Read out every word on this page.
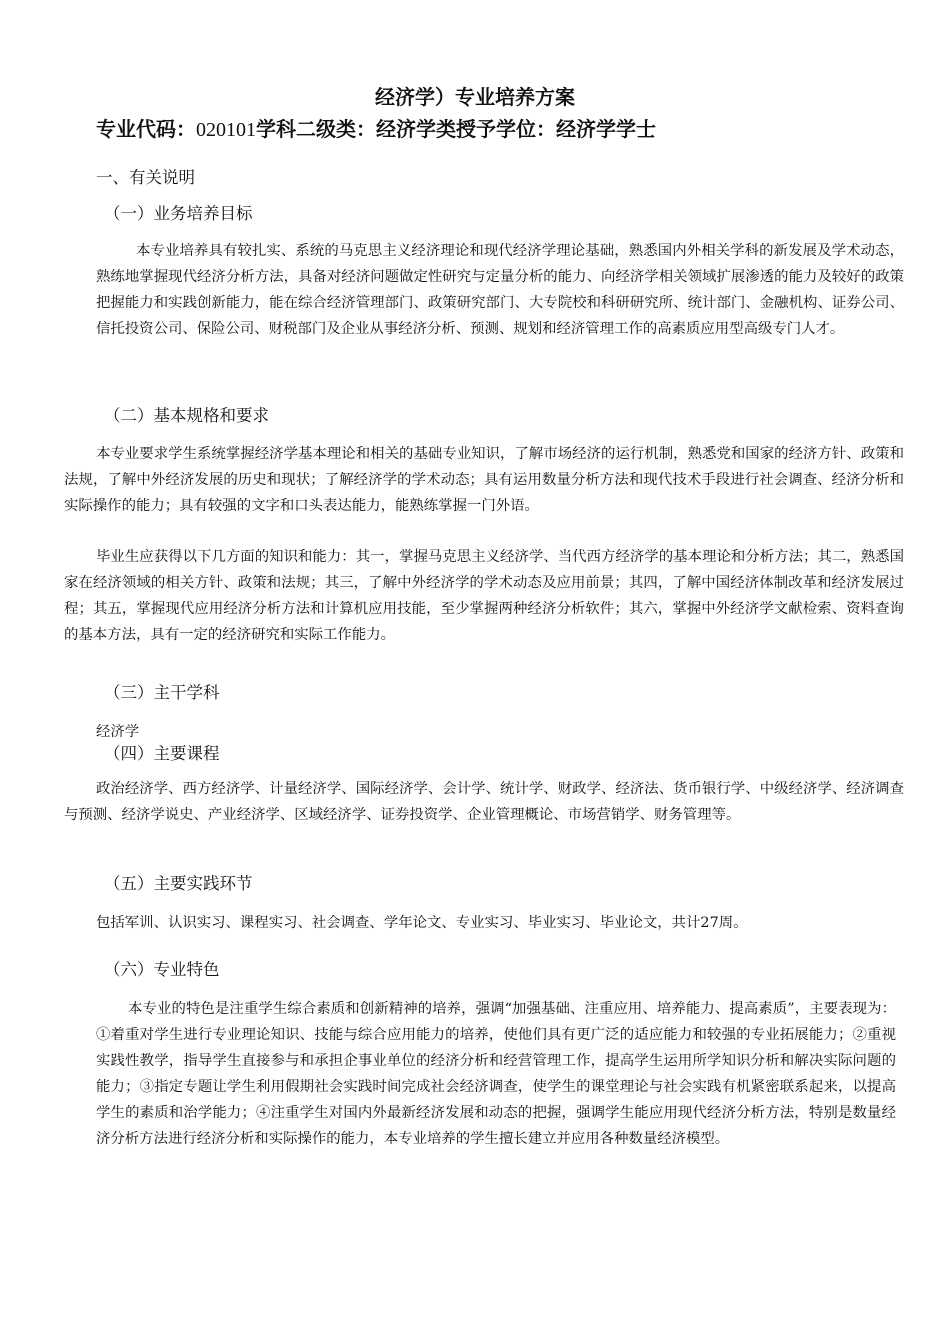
经济学）专业培养方案
专业代码：020101学科二级类：经济学类授予学位：经济学学士
一、有关说明
（一）业务培养目标

本专业培养具有较扎实、系统的马克思主义经济理论和现代经济学理论基础，熟悉国内外相关学科的新发展及学术动态，熟练地掌握现代经济分析方法，具备对经济问题做定性研究与定量分析的能力、向经济学相关领域扩展渗透的能力及较好的政策把握能力和实践创新能力，能在综合经济管理部门、政策研究部门、大专院校和科研研究所、统计部门、金融机构、证券公司、信托投资公司、保险公司、财税部门及企业从事经济分析、预测、规划和经济管理工作的高素质应用型高级专门人才。

（二）基本规格和要求

本专业要求学生系统掌握经济学基本理论和相关的基础专业知识，了解市场经济的运行机制，熟悉党和国家的经济方针、政策和法规，了解中外经济发展的历史和现状；了解经济学的学术动态；具有运用数量分析方法和现代技术手段进行社会调查、经济分析和实际操作的能力；具有较强的文字和口头表达能力，能熟练掌握一门外语。

毕业生应获得以下几方面的知识和能力：其一，掌握马克思主义经济学、当代西方经济学的基本理论和分析方法；其二，熟悉国家在经济领域的相关方针、政策和法规；其三，了解中外经济学的学术动态及应用前景；其四，了解中国经济体制改革和经济发展过程；其五，掌握现代应用经济分析方法和计算机应用技能，至少掌握两种经济分析软件；其六，掌握中外经济学文献检索、资料查询的基本方法，具有一定的经济研究和实际工作能力。

（三）主干学科

经济学

（四）主要课程

政治经济学、西方经济学、计量经济学、国际经济学、会计学、统计学、财政学、经济法、货币银行学、中级经济学、经济调查与预测、经济学说史、产业经济学、区域经济学、证券投资学、企业管理概论、市场营销学、财务管理等。

（五）主要实践环节

包括军训、认识实习、课程实习、社会调查、学年论文、专业实习、毕业实习、毕业论文，共计27周。

（六）专业特色

本专业的特色是注重学生综合素质和创新精神的培养，强调“加强基础、注重应用、培养能力、提高素质”，主要表现为：①着重对学生进行专业理论知识、技能与综合应用能力的培养，使他们具有更广泛的适应能力和较强的专业拓展能力；②重视实践性教学，指导学生直接参与和承担企事业单位的经济分析和经营管理工作，提高学生运用所学知识分析和解决实际问题的能力；③指定专题让学生利用假期社会实践时间完成社会经济调查，使学生的课堂理论与社会实践有机紧密联系起来，以提高学生的素质和治学能力；④注重学生对国内外最新经济发展和动态的把握，强调学生能应用现代经济分析方法，特别是数量经济分析方法进行经济分析和实际操作的能力，本专业培养的学生擅长建立并应用各种数量经济模型。
